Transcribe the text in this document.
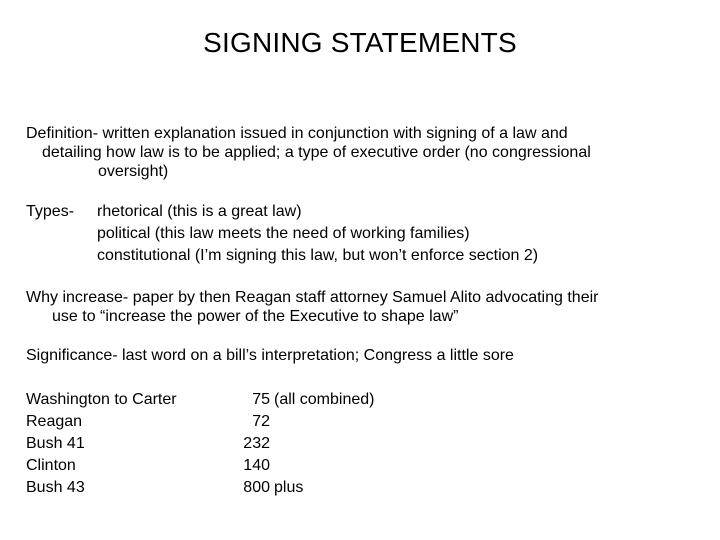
SIGNING STATEMENTS
Definition- written explanation issued in conjunction with signing of a law and
detailing how law is to be applied; a type of executive order (no congressional
oversight)
Types- rhetorical (this is a great law)
political (this law meets the need of working families)
constitutional (I’m signing this law, but won’t enforce section 2)
Why increase- paper by then Reagan staff attorney Samuel Alito advocating their
use to “increase the power of the Executive to shape law”
Significance- last word on a bill’s interpretation; Congress a little sore
Washington to Carter	75 (all combined)
Reagan	72
Bush 41	232
Clinton	140
Bush 43	800 plus
